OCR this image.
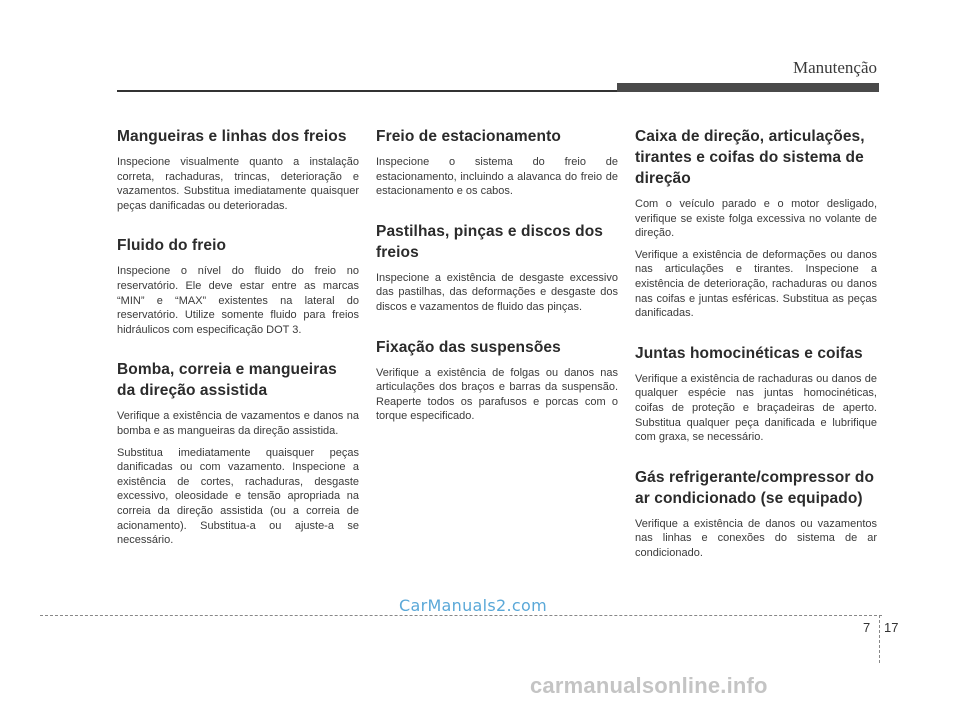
Manutenção
Mangueiras e linhas dos freios

Inspecione visualmente quanto a instalação correta, rachaduras, trincas, deterioração e vazamentos. Substitua imediatamente quaisquer peças danificadas ou deterioradas.

Fluido do freio

Inspecione o nível do fluido do freio no reservatório. Ele deve estar entre as marcas “MIN” e “MAX” existentes na lateral do reservatório. Utilize somente fluido para freios hidráulicos com especificação DOT 3.

Bomba, correia e mangueiras da direção assistida

Verifique a existência de vazamentos e danos na bomba e as mangueiras da direção assistida.

Substitua imediatamente quaisquer peças danificadas ou com vazamento. Inspecione a existência de cortes, rachaduras, desgaste excessivo, oleosidade e tensão apropriada na correia da direção assistida (ou a correia de acionamento). Substitua-a ou ajuste-a se necessário.

Freio de estacionamento

Inspecione o sistema do freio de estacionamento, incluindo a alavanca do freio de estacionamento e os cabos.

Pastilhas, pinças e discos dos freios

Inspecione a existência de desgaste excessivo das pastilhas, das deformações e desgaste dos discos e vazamentos de fluido das pinças.

Fixação das suspensões

Verifique a existência de folgas ou danos nas articulações dos braços e barras da suspensão. Reaperte todos os parafusos e porcas com o torque especificado.

Caixa de direção, articulações, tirantes e coifas do sistema de direção

Com o veículo parado e o motor desligado, verifique se existe folga excessiva no volante de direção.

Verifique a existência de deformações ou danos nas articulações e tirantes. Inspecione a existência de deterioração, rachaduras ou danos nas coifas e juntas esféricas. Substitua as peças danificadas.

Juntas homocinéticas e coifas

Verifique a existência de rachaduras ou danos de qualquer espécie nas juntas homocinéticas, coifas de proteção e braçadeiras de aperto. Substitua qualquer peça danificada e lubrifique com graxa, se necessário.

Gás refrigerante/compressor do ar condicionado (se equipado)

Verifique a existência de danos ou vazamentos nas linhas e conexões do sistema de ar condicionado.

CarManuals2.com
7 17
carmanualsonline.info
